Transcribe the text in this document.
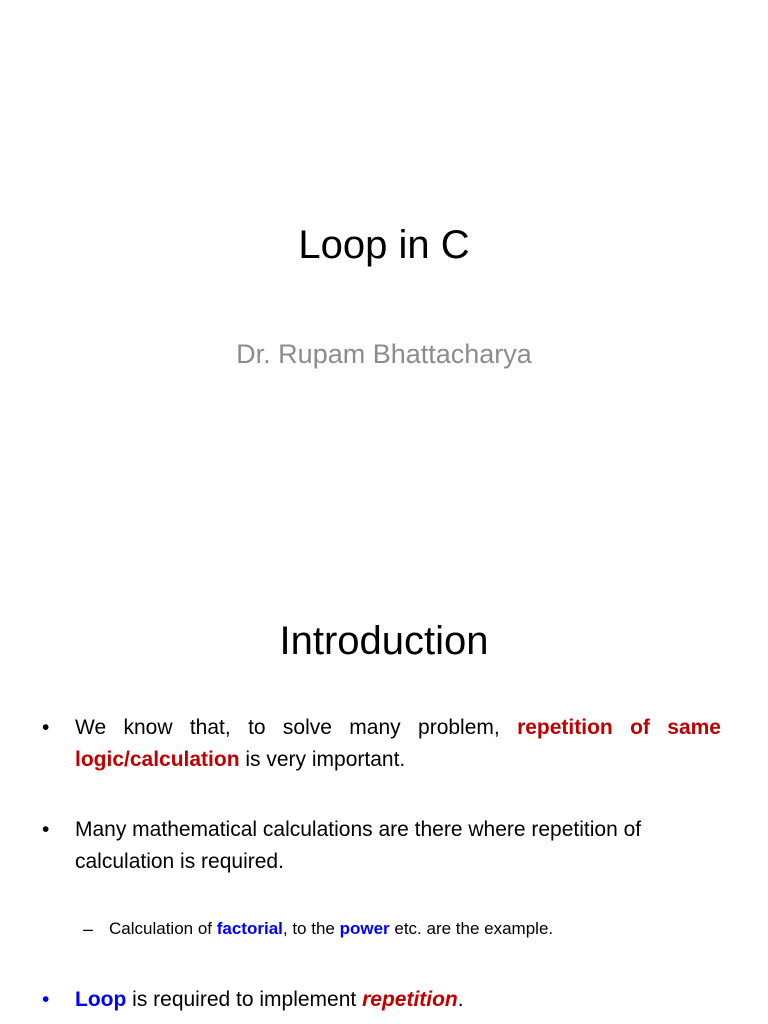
Loop in C
Dr. Rupam Bhattacharya
Introduction
• We know that, to solve many problem, repetition of same logic/calculation is very important.
• Many mathematical calculations are there where repetition of calculation is required.
– Calculation of factorial, to the power etc. are the example.
• Loop is required to implement repetition.
